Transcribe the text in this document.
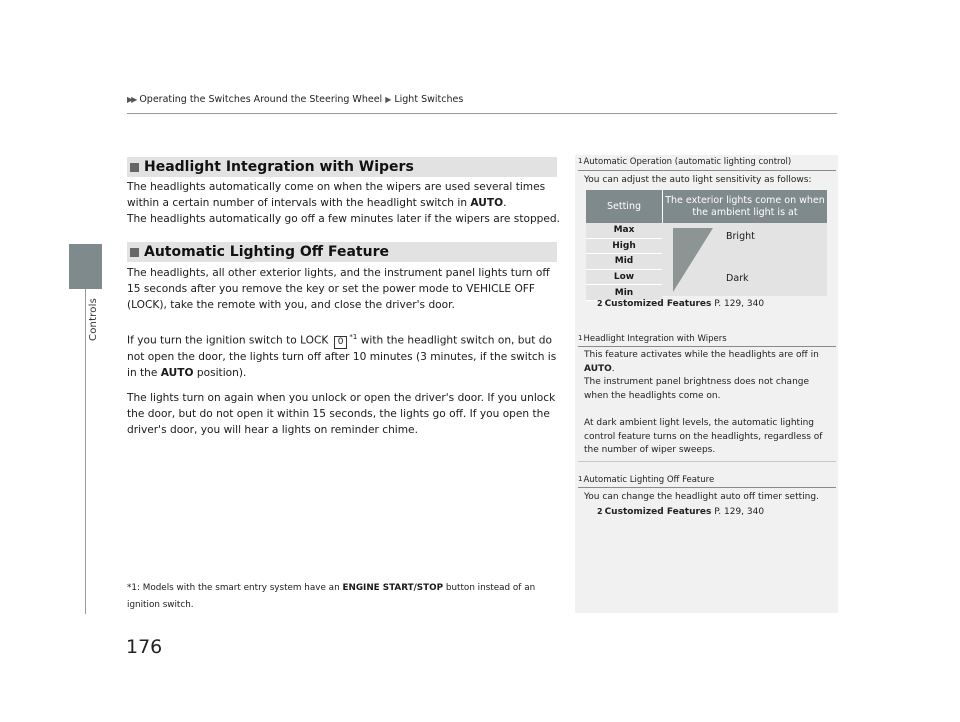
▶▶ Operating the Switches Around the Steering Wheel ▶ Light Switches
Controls
Headlight Integration with Wipers
The headlights automatically come on when the wipers are used several times within a certain number of intervals with the headlight switch in AUTO.
The headlights automatically go off a few minutes later if the wipers are stopped.
Automatic Lighting Off Feature
The headlights, all other exterior lights, and the instrument panel lights turn off 15 seconds after you remove the key or set the power mode to VEHICLE OFF (LOCK), take the remote with you, and close the driver's door.
If you turn the ignition switch to LOCK 0 $^{*1}$ with the headlight switch on, but do not open the door, the lights turn off after 10 minutes (3 minutes, if the switch is in the AUTO position).
The lights turn on again when you unlock or open the driver's door. If you unlock the door, but do not open it within 15 seconds, the lights go off. If you open the driver's door, you will hear a lights on reminder chime.
*1: Models with the smart entry system have an ENGINE START/STOP button instead of an ignition switch.
176
$^1$Automatic Operation (automatic lighting control)
You can adjust the auto light sensitivity as follows:
Setting
The exterior lights come on when the ambient light is at
Max
High
Mid
Low
Min
Bright
Dark
2 Customized Features P. 129, 340
$^1$Headlight Integration with Wipers
This feature activates while the headlights are off in AUTO.
The instrument panel brightness does not change when the headlights come on.
At dark ambient light levels, the automatic lighting control feature turns on the headlights, regardless of the number of wiper sweeps.
$^1$Automatic Lighting Off Feature
You can change the headlight auto off timer setting.
2 Customized Features P. 129, 340
